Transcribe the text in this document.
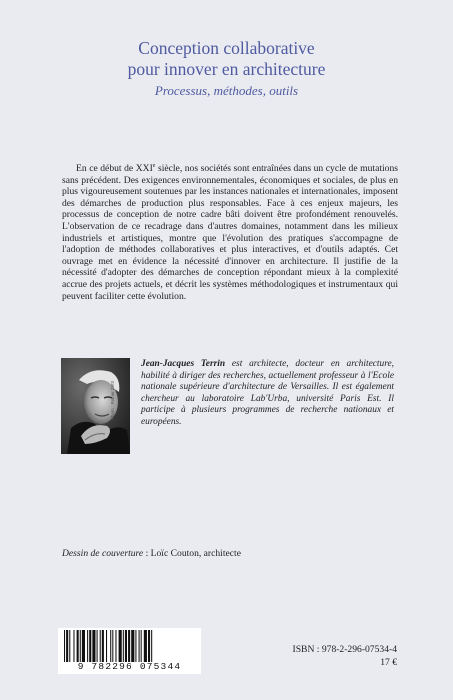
Conception collaborative
pour innover en architecture
Processus, méthodes, outils

En ce début de XXIe siècle, nos sociétés sont entraînées dans un cycle de mutations sans précédent. Des exigences environnementales, économiques et sociales, de plus en plus vigoureusement soutenues par les instances nationales et internationales, imposent des démarches de production plus responsables. Face à ces enjeux majeurs, les processus de conception de notre cadre bâti doivent être profondément renouvelés. L'observation de ce recadrage dans d'autres domaines, notamment dans les milieux industriels et artistiques, montre que l'évolution des pratiques s'accompagne de l'adoption de méthodes collaboratives et plus interactives, et d'outils adaptés. Cet ouvrage met en évidence la nécessité d'innover en architecture. Il justifie de la nécessité d'adopter des démarches de conception répondant mieux à la complexité accrue des projets actuels, et décrit les systèmes méthodologiques et instrumentaux qui peuvent faciliter cette évolution.

Photo : Reiner Zettl

Jean-Jacques Terrin est architecte, docteur en architecture, habilité à diriger des recherches, actuellement professeur à l'Ecole nationale supérieure d'architecture de Versailles. Il est également chercheur au laboratoire Lab'Urba, université Paris Est. Il participe à plusieurs programmes de recherche nationaux et européens.

Dessin de couverture : Loïc Couton, architecte
9 782296 075344
ISBN : 978-2-296-07534-4
17 €
